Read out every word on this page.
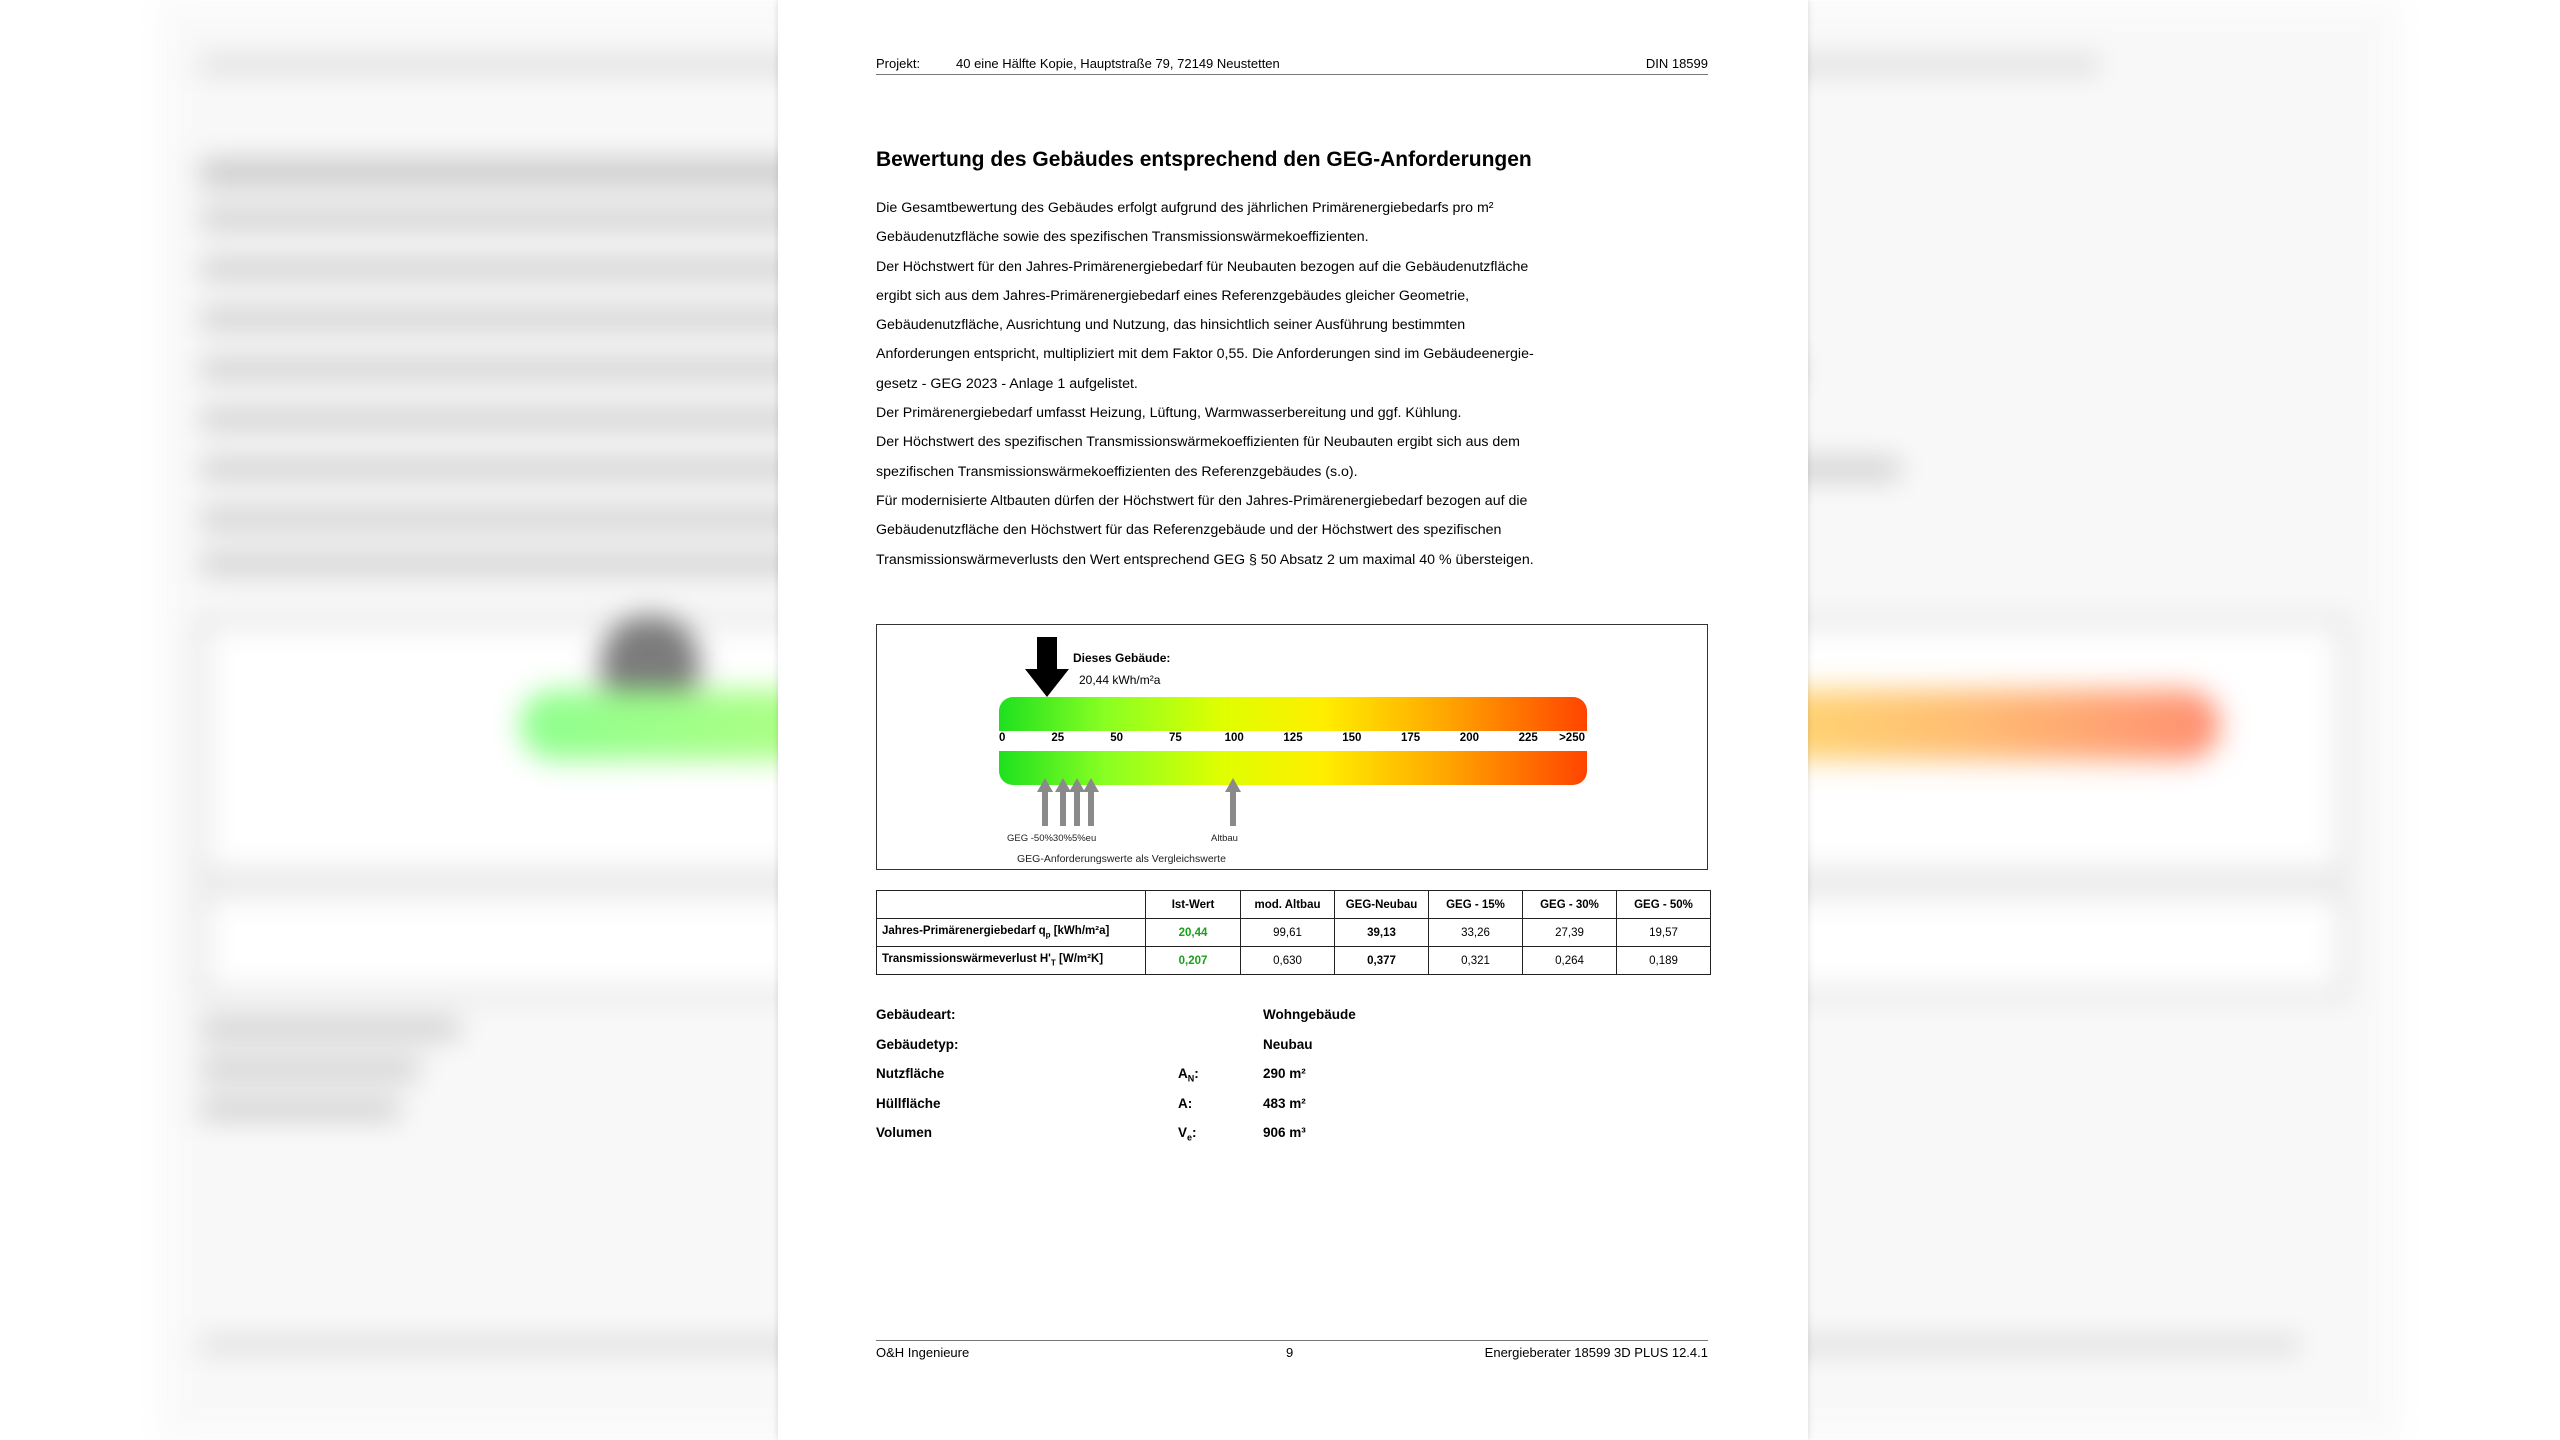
Projekt:	40 eine Hälfte Kopie, Hauptstraße 79, 72149 Neustetten	DIN 18599
Bewertung des Gebäudes entsprechend den GEG-Anforderungen
Die Gesamtbewertung des Gebäudes erfolgt aufgrund des jährlichen Primärenergiebedarfs pro m²
Gebäudenutzfläche sowie des spezifischen Transmissionswärmekoeffizienten.
Der Höchstwert für den Jahres-Primärenergiebedarf für Neubauten bezogen auf die Gebäudenutzfläche
ergibt sich aus dem Jahres-Primärenergiebedarf eines Referenzgebäudes gleicher Geometrie,
Gebäudenutzfläche, Ausrichtung und Nutzung, das hinsichtlich seiner Ausführung bestimmten
Anforderungen entspricht, multipliziert mit dem Faktor 0,55. Die Anforderungen sind im Gebäudeenergie-
gesetz - GEG 2023 - Anlage 1 aufgelistet.
Der Primärenergiebedarf umfasst Heizung, Lüftung, Warmwasserbereitung und ggf. Kühlung.
Der Höchstwert des spezifischen Transmissionswärmekoeffizienten für Neubauten ergibt sich aus dem
spezifischen Transmissionswärmekoeffizienten des Referenzgebäudes (s.o).
Für modernisierte Altbauten dürfen der Höchstwert für den Jahres-Primärenergiebedarf bezogen auf die
Gebäudenutzfläche den Höchstwert für das Referenzgebäude und der Höchstwert des spezifischen
Transmissionswärmeverlusts den Wert entsprechend GEG § 50 Absatz 2 um maximal 40 % übersteigen.
Dieses Gebäude:
20,44 kWh/m²a
0	25	50	75	100	125	150	175	200	225 >250
GEG -50%30%5%eu	Altbau
GEG-Anforderungswerte als Vergleichswerte
	Ist-Wert	mod. Altbau	GEG-Neubau	GEG - 15%	GEG - 30%	GEG - 50%
Jahres-Primärenergiebedarf $q_p$ [kWh/m²a]	20,44	99,61	39,13	33,26	27,39	19,57
Transmissionswärmeverlust $H'_T$ [W/m²K]	0,207	0,630	0,377	0,321	0,264	0,189
Gebäudeart:	Wohngebäude
Gebäudetyp:	Neubau
Nutzfläche	$A_N$:	290 m²
Hüllfläche	A:	483 m²
Volumen	$V_e$:	906 m³
O&H Ingenieure	9	Energieberater 18599 3D PLUS 12.4.1
